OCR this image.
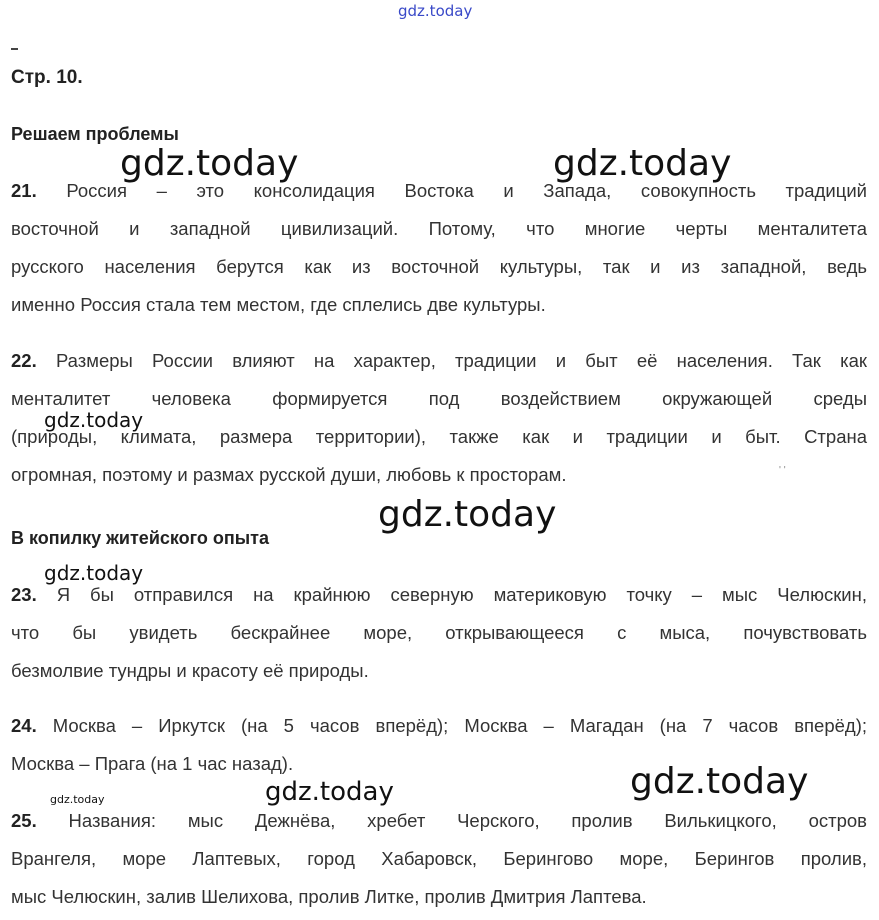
gdz.today
gdz.today	gdz.today
gdz.today
gdz.today
gdz.today
gdz.today
gdz.today
gdz.today
Стр. 10.
Решаем проблемы
21. Россия – это консолидация Востока и Запада, совокупность традиций
восточной и западной цивилизаций. Потому, что многие черты менталитета
русского населения берутся как из восточной культуры, так и из западной, ведь
именно Россия стала тем местом, где сплелись две культуры.
22. Размеры России влияют на характер, традиции и быт её населения. Так как
менталитет человека формируется под воздействием окружающей среды
(природы, климата, размера территории), также как и традиции и быт. Страна
огромная, поэтому и размах русской души, любовь к просторам.	' '
В копилку житейского опыта
23. Я бы отправился на крайнюю северную материковую точку – мыс Челюскин,
что бы увидеть бескрайнее море, открывающееся с мыса, почувствовать
безмолвие тундры и красоту её природы.
24. Москва – Иркутск (на 5 часов вперёд); Москва – Магадан (на 7 часов вперёд);
Москва – Прага (на 1 час назад).
25. Названия: мыс Дежнёва, хребет Черского, пролив Вилькицкого, остров
Врангеля, море Лаптевых, город Хабаровск, Берингово море, Берингов пролив,
мыс Челюскин, залив Шелихова, пролив Литке, пролив Дмитрия Лаптева.
